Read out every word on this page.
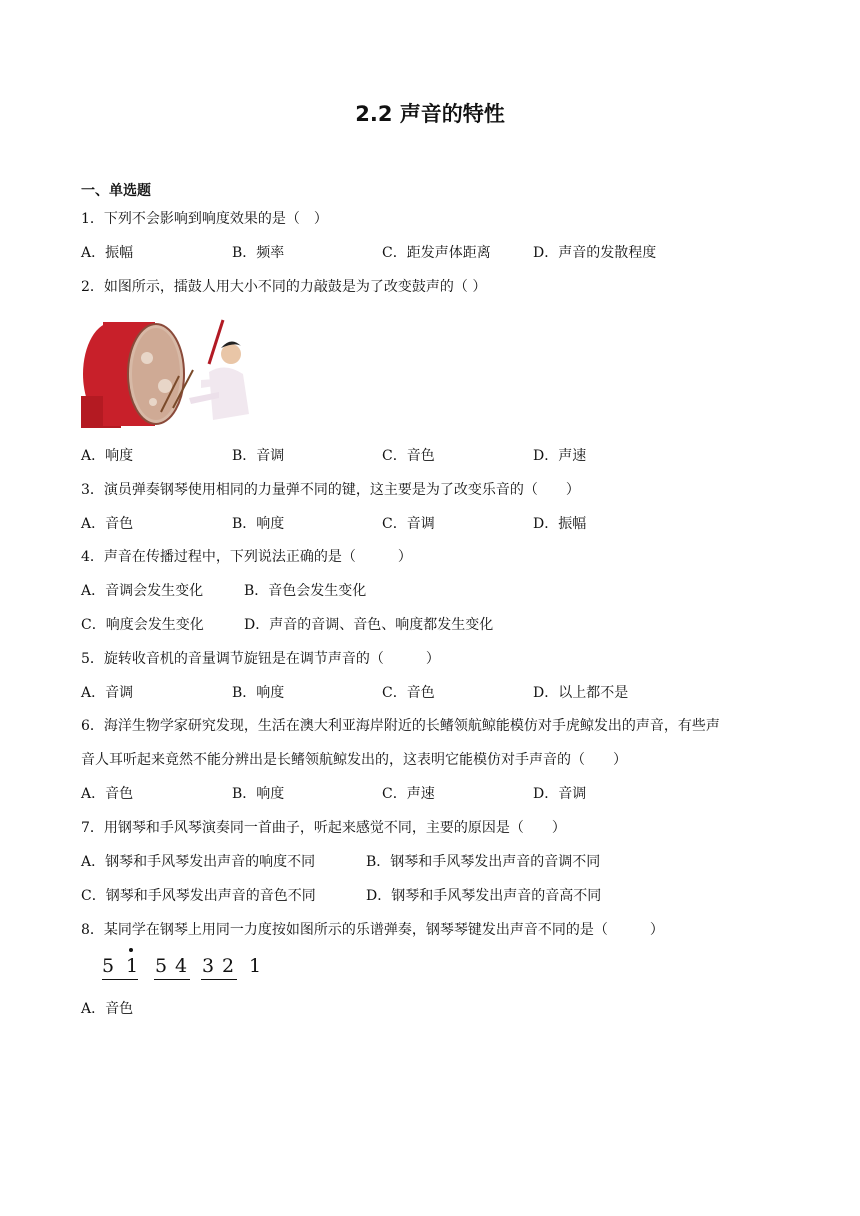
2.2 声音的特性
一、单选题
1．下列不会影响到响度效果的是（　）
A．振幅	B．频率	C．距发声体距离	D．声音的发散程度
2．如图所示，擂鼓人用大小不同的力敲鼓是为了改变鼓声的（ ）
A．响度	B．音调	C．音色	D．声速
3．演员弹奏钢琴使用相同的力量弹不同的键，这主要是为了改变乐音的（　　）
A．音色	B．响度	C．音调	D．振幅
4．声音在传播过程中，下列说法正确的是（　　　）
A．音调会发生变化	B．音色会发生变化
C．响度会发生变化	D．声音的音调、音色、响度都发生变化
5．旋转收音机的音量调节旋钮是在调节声音的（　　　）
A．音调	B．响度	C．音色	D．以上都不是
6．海洋生物学家研究发现，生活在澳大利亚海岸附近的长鳍领航鲸能模仿对手虎鲸发出的声音，有些声
音人耳听起来竟然不能分辨出是长鳍领航鲸发出的，这表明它能模仿对手声音的（　　）
A．音色	B．响度	C．声速	D．音调
7．用钢琴和手风琴演奏同一首曲子，听起来感觉不同，主要的原因是（　　）
A．钢琴和手风琴发出声音的响度不同	B．钢琴和手风琴发出声音的音调不同
C．钢琴和手风琴发出声音的音色不同	D．钢琴和手风琴发出声音的音高不同
8．某同学在钢琴上用同一力度按如图所示的乐谱弹奏，钢琴琴键发出声音不同的是（　　　）
5 1 5 4 3 2 1
A．音色
